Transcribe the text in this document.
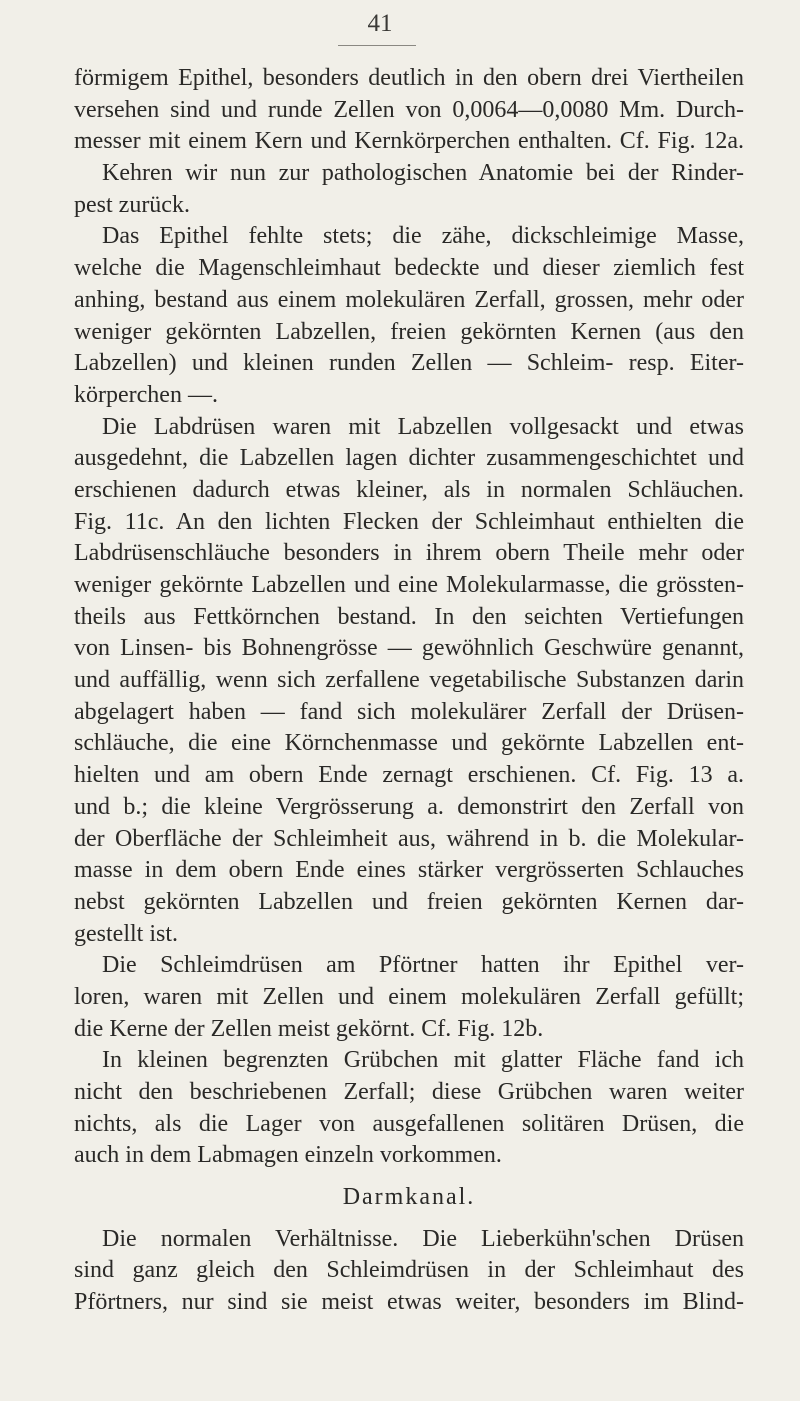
41
förmigem Epithel, besonders deutlich in den obern drei Viertheilen
versehen sind und runde Zellen von 0,0064—0,0080 Mm. Durch-
messer mit einem Kern und Kernkörperchen enthalten. Cf. Fig. 12a.
Kehren wir nun zur pathologischen Anatomie bei der Rinder-
pest zurück.
Das Epithel fehlte stets; die zähe, dickschleimige Masse,
welche die Magenschleimhaut bedeckte und dieser ziemlich fest
anhing, bestand aus einem molekulären Zerfall, grossen, mehr oder
weniger gekörnten Labzellen, freien gekörnten Kernen (aus den
Labzellen) und kleinen runden Zellen — Schleim- resp. Eiter-
körperchen —.
Die Labdrüsen waren mit Labzellen vollgesackt und etwas
ausgedehnt, die Labzellen lagen dichter zusammengeschichtet und
erschienen dadurch etwas kleiner, als in normalen Schläuchen.
Fig. 11c. An den lichten Flecken der Schleimhaut enthielten die
Labdrüsenschläuche besonders in ihrem obern Theile mehr oder
weniger gekörnte Labzellen und eine Molekularmasse, die grössten-
theils aus Fettkörnchen bestand. In den seichten Vertiefungen
von Linsen- bis Bohnengrösse — gewöhnlich Geschwüre genannt,
und auffällig, wenn sich zerfallene vegetabilische Substanzen darin
abgelagert haben — fand sich molekulärer Zerfall der Drüsen-
schläuche, die eine Körnchenmasse und gekörnte Labzellen ent-
hielten und am obern Ende zernagt erschienen. Cf. Fig. 13 a.
und b.; die kleine Vergrösserung a. demonstrirt den Zerfall von
der Oberfläche der Schleimheit aus, während in b. die Molekular-
masse in dem obern Ende eines stärker vergrösserten Schlauches
nebst gekörnten Labzellen und freien gekörnten Kernen dar-
gestellt ist.
Die Schleimdrüsen am Pförtner hatten ihr Epithel ver-
loren, waren mit Zellen und einem molekulären Zerfall gefüllt;
die Kerne der Zellen meist gekörnt. Cf. Fig. 12b.
In kleinen begrenzten Grübchen mit glatter Fläche fand ich
nicht den beschriebenen Zerfall; diese Grübchen waren weiter
nichts, als die Lager von ausgefallenen solitären Drüsen, die
auch in dem Labmagen einzeln vorkommen.
Darmkanal.
Die normalen Verhältnisse. Die Lieberkühn'schen Drüsen
sind ganz gleich den Schleimdrüsen in der Schleimhaut des
Pförtners, nur sind sie meist etwas weiter, besonders im Blind-
